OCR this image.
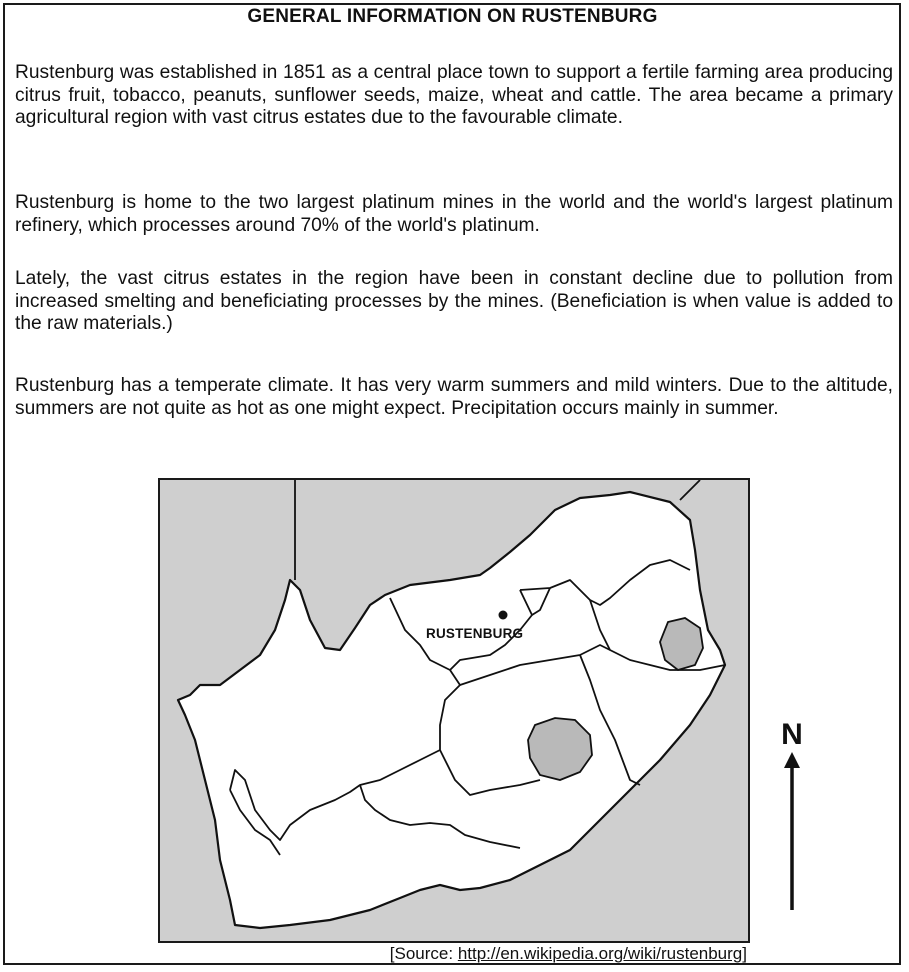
GENERAL INFORMATION ON RUSTENBURG

Rustenburg was established in 1851 as a central place town to support a fertile farming area producing citrus fruit, tobacco, peanuts, sunflower seeds, maize, wheat and cattle. The area became a primary agricultural region with vast citrus estates due to the favourable climate.

Rustenburg is home to the two largest platinum mines in the world and the world's largest platinum refinery, which processes around 70% of the world's platinum.

Lately, the vast citrus estates in the region have been in constant decline due to pollution from increased smelting and beneficiating processes by the mines. (Beneficiation is when value is added to the raw materials.)

Rustenburg has a temperate climate. It has very warm summers and mild winters. Due to the altitude, summers are not quite as hot as one might expect. Precipitation occurs mainly in summer.

RUSTENBURG
N
[Source: http://en.wikipedia.org/wiki/rustenburg]
